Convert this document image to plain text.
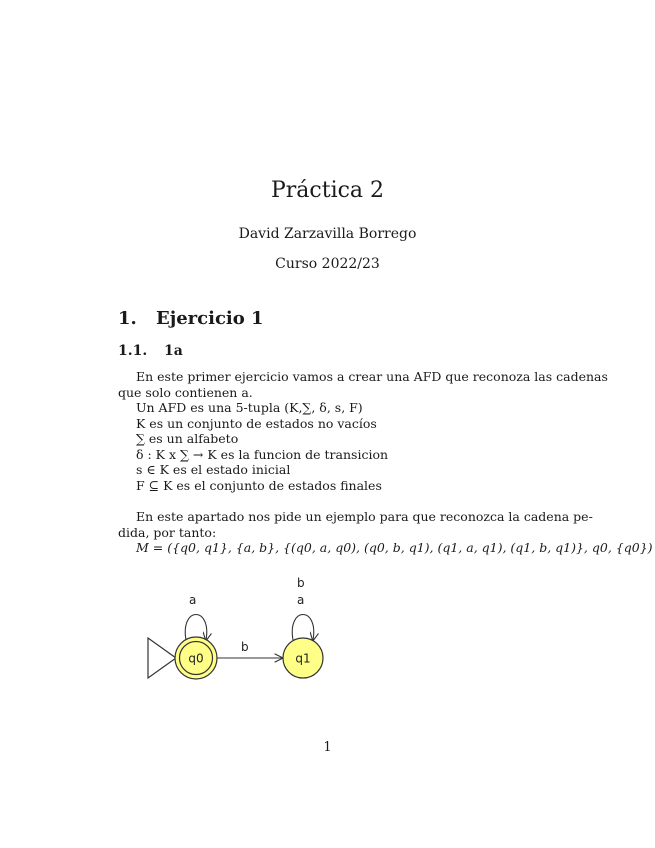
Práctica 2
David Zarzavilla Borrego
Curso 2022/23
1. Ejercicio 1
1.1. 1a
En este primer ejercicio vamos a crear una AFD que reconoza las cadenas
que solo contienen a.
Un AFD es una 5-tupla (K,∑, δ, s, F)
K es un conjunto de estados no vacíos
∑ es un alfabeto
δ : K x ∑ → K es la funcion de transicion
s ∈ K es el estado inicial
F ⊆ K es el conjunto de estados finales
En este apartado nos pide un ejemplo para que reconozca la cadena pe-
dida, por tanto:
M = ({q0, q1}, {a, b}, {(q0, a, q0), (q0, b, q1), (q1, a, q1), (q1, b, q1)}, q0, {q0})
a
b
a
b
q0	q1
1
